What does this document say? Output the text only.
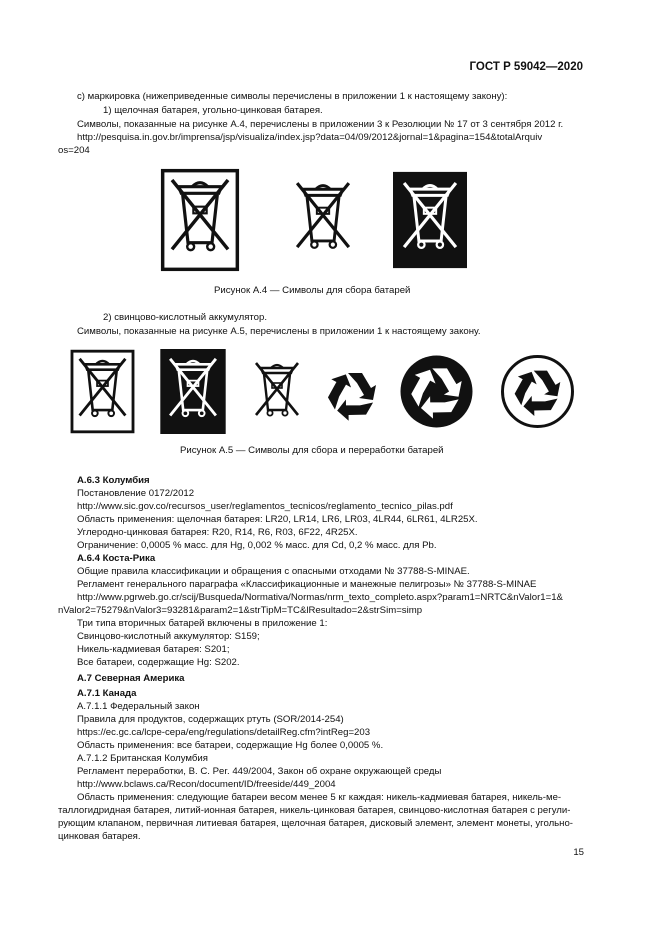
ГОСТ Р 59042—2020
c) маркировка (нижеприведенные символы перечислены в приложении 1 к настоящему закону):
1) щелочная батарея, угольно-цинковая батарея.
Символы, показанные на рисунке А.4, перечислены в приложении 3 к Резолюции № 17 от 3 сентября 2012 г.
http://pesquisa.in.gov.br/imprensa/jsp/visualiza/index.jsp?data=04/09/2012&jornal=1&pagina=154&totalArquiv
os=204
Рисунок А.4 — Символы для сбора батарей
2) свинцово-кислотный аккумулятор.
Символы, показанные на рисунке А.5, перечислены в приложении 1 к настоящему закону.
Рисунок А.5 — Символы для сбора и переработки батарей
А.6.3 Колумбия
Постановление 0172/2012
http://www.sic.gov.co/recursos_user/reglamentos_tecnicos/reglamento_tecnico_pilas.pdf
Область применения: щелочная батарея: LR20, LR14, LR6, LR03, 4LR44, 6LR61, 4LR25X.
Углеродно-цинковая батарея: R20, R14, R6, R03, 6F22, 4R25X.
Ограничение: 0,0005 % масс. для Hg, 0,002 % масс. для Cd, 0,2 % масс. для Pb.
А.6.4 Коста-Рика
Общие правила классификации и обращения с опасными отходами № 37788-S-MINAE.
Регламент генерального параграфа «Классификационные и манежные пелигрозы» № 37788-S-MINAE
http://www.pgrweb.go.cr/scij/Busqueda/Normativa/Normas/nrm_texto_completo.aspx?param1=NRTC&nValor1=1&
nValor2=75279&nValor3=93281&param2=1&strTipM=TC&lResultado=2&strSim=simp
Три типа вторичных батарей включены в приложение 1:
Свинцово-кислотный аккумулятор: S159;
Никель-кадмиевая батарея: S201;
Все батареи, содержащие Hg: S202.
А.7 Северная Америка
А.7.1 Канада
А.7.1.1 Федеральный закон
Правила для продуктов, содержащих ртуть (SOR/2014-254)
https://ec.gc.ca/lcpe-cepa/eng/regulations/detailReg.cfm?intReg=203
Область применения: все батареи, содержащие Hg более 0,0005 %.
А.7.1.2 Британская Колумбия
Регламент переработки, B. C. Per. 449/2004, Закон об охране окружающей среды
http://www.bclaws.ca/Recon/document/ID/freeside/449_2004
Область применения: следующие батареи весом менее 5 кг каждая: никель-кадмиевая батарея, никель-ме-
таллогидридная батарея, литий-ионная батарея, никель-цинковая батарея, свинцово-кислотная батарея с регули-
рующим клапаном, первичная литиевая батарея, щелочная батарея, дисковый элемент, элемент монеты, угольно-
цинковая батарея.
15
